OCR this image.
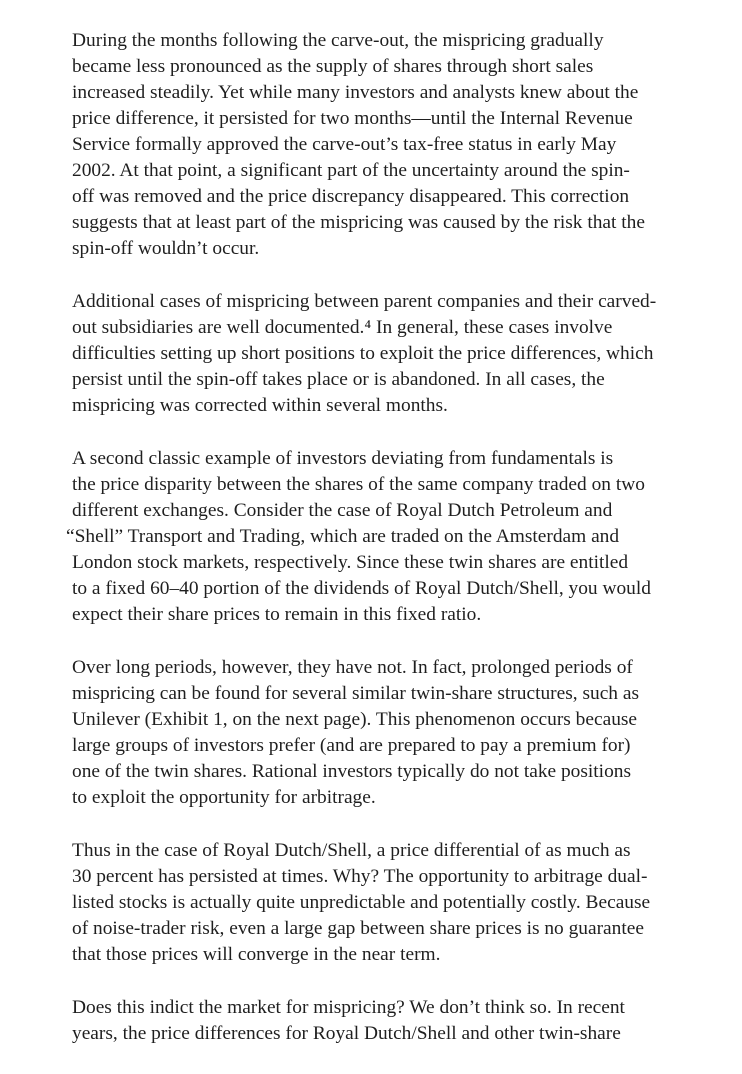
During the months following the carve-out, the mispricing gradually
became less pronounced as the supply of shares through short sales
increased steadily. Yet while many investors and analysts knew about the
price difference, it persisted for two months—until the Internal Revenue
Service formally approved the carve-out’s tax-free status in early May
2002. At that point, a significant part of the uncertainty around the spin-
off was removed and the price discrepancy disappeared. This correction
suggests that at least part of the mispricing was caused by the risk that the
spin-off wouldn’t occur.

Additional cases of mispricing between parent companies and their carved-
out subsidiaries are well documented.⁴ In general, these cases involve
difficulties setting up short positions to exploit the price differences, which
persist until the spin-off takes place or is abandoned. In all cases, the
mispricing was corrected within several months.

A second classic example of investors deviating from fundamentals is
the price disparity between the shares of the same company traded on two
different exchanges. Consider the case of Royal Dutch Petroleum and
“Shell” Transport and Trading, which are traded on the Amsterdam and
London stock markets, respectively. Since these twin shares are entitled
to a fixed 60–40 portion of the dividends of Royal Dutch/Shell, you would
expect their share prices to remain in this fixed ratio.

Over long periods, however, they have not. In fact, prolonged periods of
mispricing can be found for several similar twin-share structures, such as
Unilever (Exhibit 1, on the next page). This phenomenon occurs because
large groups of investors prefer (and are prepared to pay a premium for)
one of the twin shares. Rational investors typically do not take positions
to exploit the opportunity for arbitrage.

Thus in the case of Royal Dutch/Shell, a price differential of as much as
30 percent has persisted at times. Why? The opportunity to arbitrage dual-
listed stocks is actually quite unpredictable and potentially costly. Because
of noise-trader risk, even a large gap between share prices is no guarantee
that those prices will converge in the near term.

Does this indict the market for mispricing? We don’t think so. In recent
years, the price differences for Royal Dutch/Shell and other twin-share
